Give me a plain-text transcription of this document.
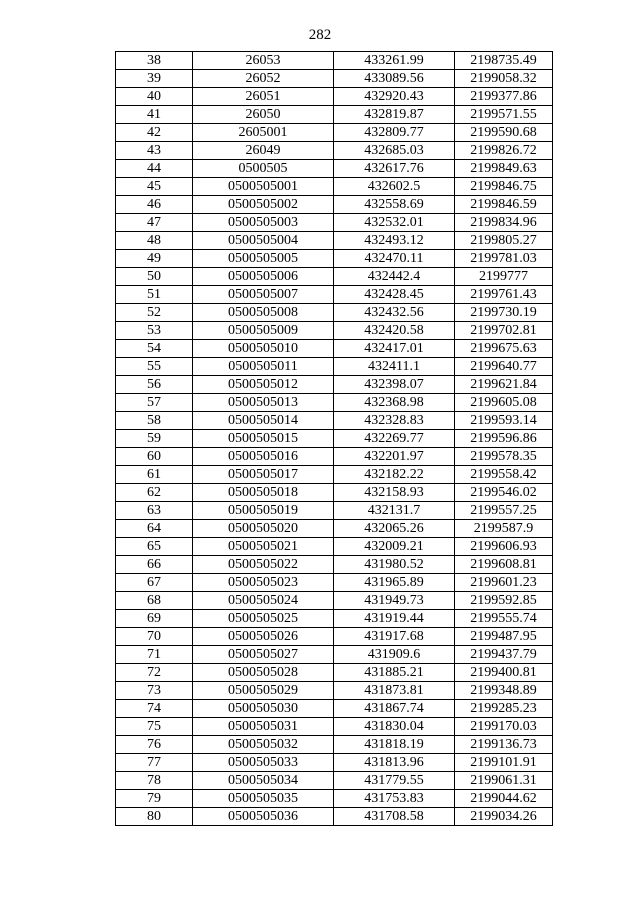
282
38	26053	433261.99	2198735.49
39	26052	433089.56	2199058.32
40	26051	432920.43	2199377.86
41	26050	432819.87	2199571.55
42	2605001	432809.77	2199590.68
43	26049	432685.03	2199826.72
44	0500505	432617.76	2199849.63
45	0500505001	432602.5	2199846.75
46	0500505002	432558.69	2199846.59
47	0500505003	432532.01	2199834.96
48	0500505004	432493.12	2199805.27
49	0500505005	432470.11	2199781.03
50	0500505006	432442.4	2199777
51	0500505007	432428.45	2199761.43
52	0500505008	432432.56	2199730.19
53	0500505009	432420.58	2199702.81
54	0500505010	432417.01	2199675.63
55	0500505011	432411.1	2199640.77
56	0500505012	432398.07	2199621.84
57	0500505013	432368.98	2199605.08
58	0500505014	432328.83	2199593.14
59	0500505015	432269.77	2199596.86
60	0500505016	432201.97	2199578.35
61	0500505017	432182.22	2199558.42
62	0500505018	432158.93	2199546.02
63	0500505019	432131.7	2199557.25
64	0500505020	432065.26	2199587.9
65	0500505021	432009.21	2199606.93
66	0500505022	431980.52	2199608.81
67	0500505023	431965.89	2199601.23
68	0500505024	431949.73	2199592.85
69	0500505025	431919.44	2199555.74
70	0500505026	431917.68	2199487.95
71	0500505027	431909.6	2199437.79
72	0500505028	431885.21	2199400.81
73	0500505029	431873.81	2199348.89
74	0500505030	431867.74	2199285.23
75	0500505031	431830.04	2199170.03
76	0500505032	431818.19	2199136.73
77	0500505033	431813.96	2199101.91
78	0500505034	431779.55	2199061.31
79	0500505035	431753.83	2199044.62
80	0500505036	431708.58	2199034.26
